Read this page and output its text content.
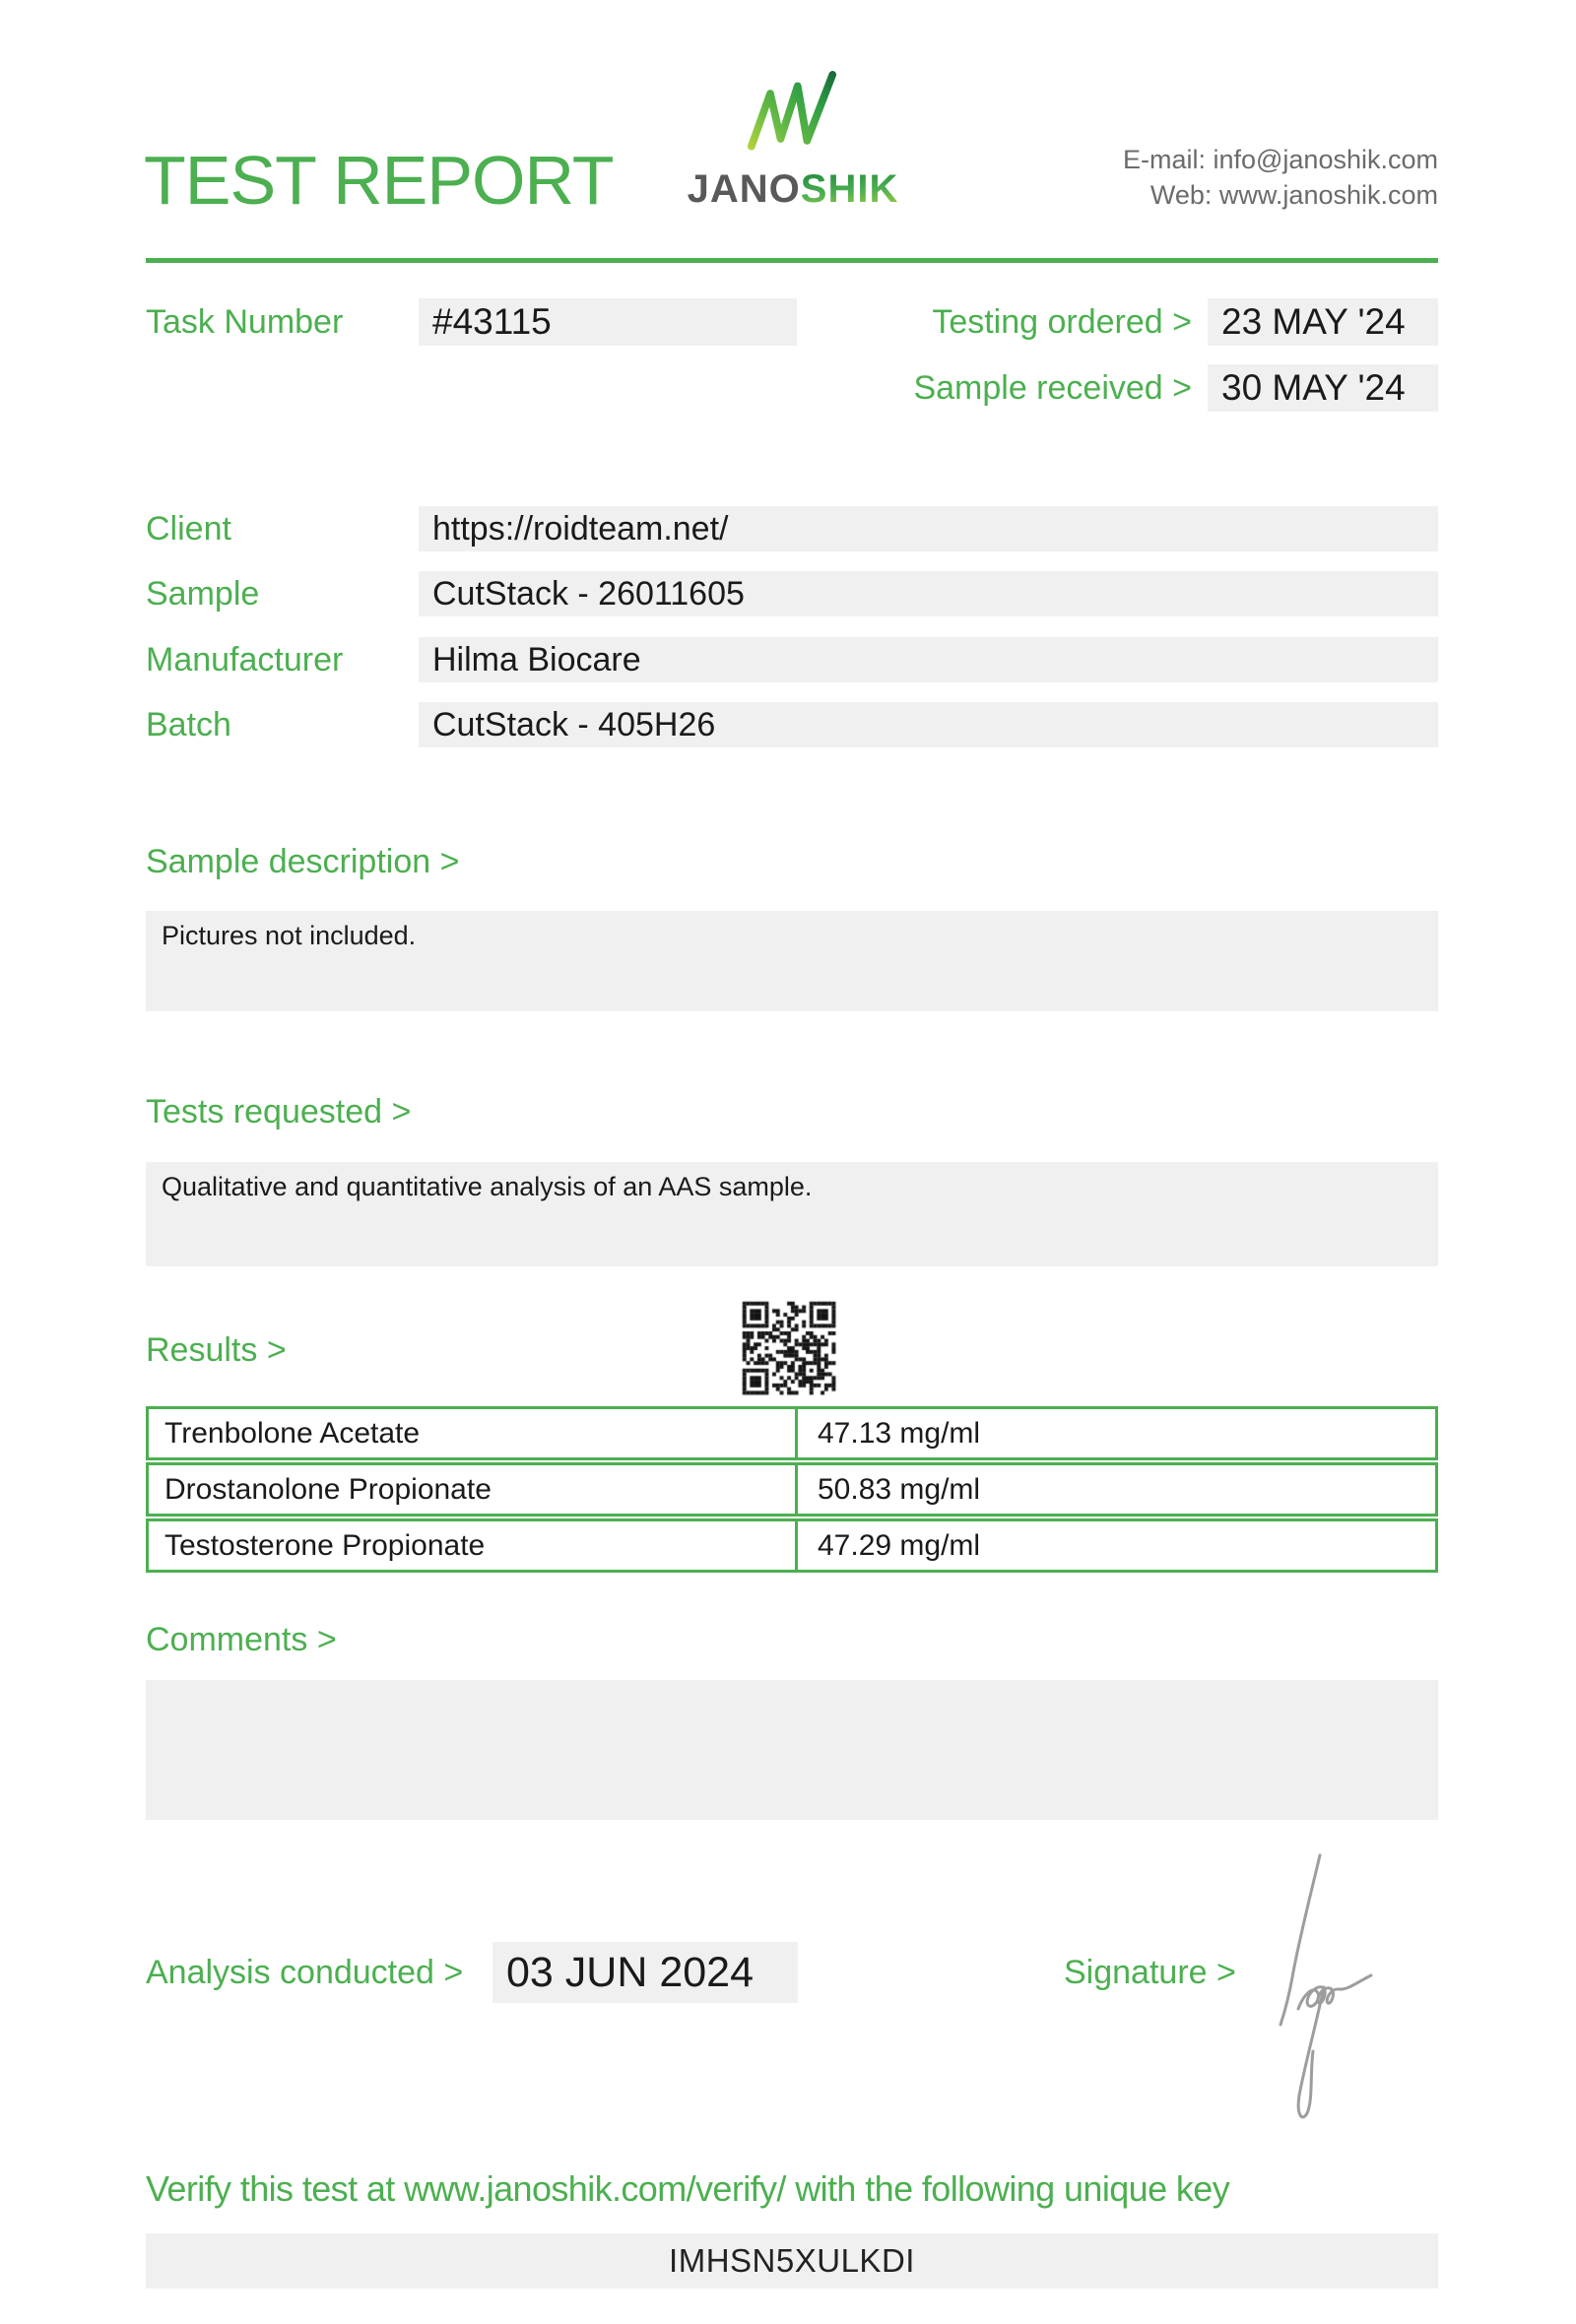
TEST REPORT	JANOSHIK
E-mail: info@janoshik.com
Web: www.janoshik.com
Task Number	#43115	Testing ordered > 23 MAY '24
Sample received > 30 MAY '24
Client	https://roidteam.net/
Sample	CutStack - 26011605
Manufacturer	Hilma Biocare
Batch	CutStack - 405H26
Sample description >
Pictures not included.
Tests requested >
Qualitative and quantitative analysis of an AAS sample.
Results >
Trenbolone Acetate	47.13 mg/ml
Drostanolone Propionate	50.83 mg/ml
Testosterone Propionate	47.29 mg/ml
Comments >
Analysis conducted >	03 JUN 2024	Signature >
Verify this test at www.janoshik.com/verify/ with the following unique key
IMHSN5XULKDI
